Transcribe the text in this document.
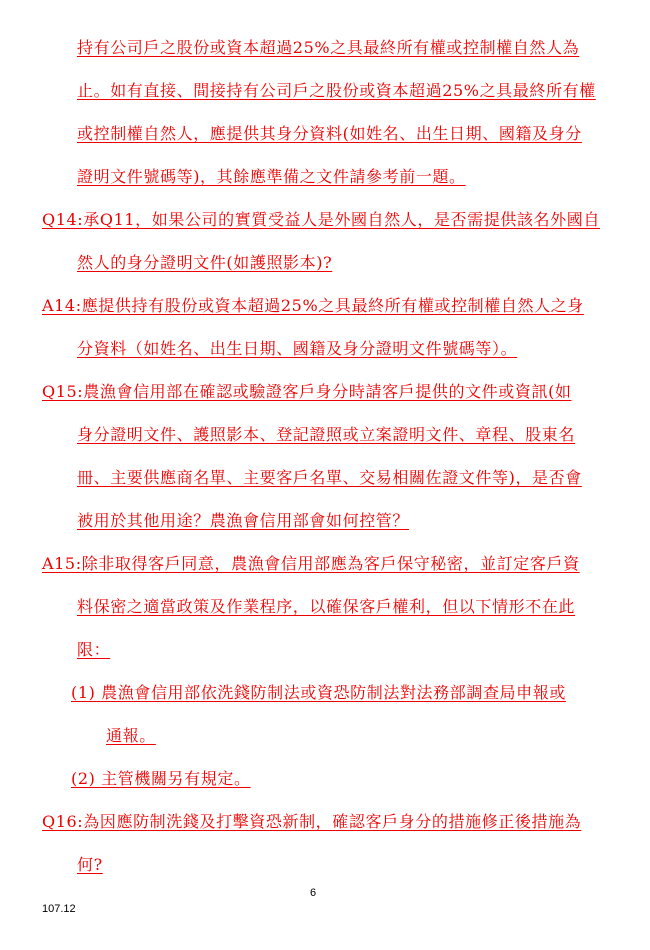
持有公司戶之股份或資本超過25%之具最終所有權或控制權自然人為
止。如有直接、間接持有公司戶之股份或資本超過25%之具最終所有權
或控制權自然人，應提供其身分資料(如姓名、出生日期、國籍及身分
證明文件號碼等)，其餘應準備之文件請參考前一題。
Q14:承Q11，如果公司的實質受益人是外國自然人，是否需提供該名外國自
然人的身分證明文件(如護照影本)?
A14:應提供持有股份或資本超過25%之具最終所有權或控制權自然人之身
分資料（如姓名、出生日期、國籍及身分證明文件號碼等）。
Q15:農漁會信用部在確認或驗證客戶身分時請客戶提供的文件或資訊(如
身分證明文件、護照影本、登記證照或立案證明文件、章程、股東名
冊、主要供應商名單、主要客戶名單、交易相關佐證文件等)，是否會
被用於其他用途？農漁會信用部會如何控管？
A15:除非取得客戶同意，農漁會信用部應為客戶保守秘密，並訂定客戶資
料保密之適當政策及作業程序，以確保客戶權利，但以下情形不在此
限：
(1) 農漁會信用部依洗錢防制法或資恐防制法對法務部調查局申報或
通報。
(2) 主管機關另有規定。
Q16:為因應防制洗錢及打擊資恐新制，確認客戶身分的措施修正後措施為
何?
6
107.12
